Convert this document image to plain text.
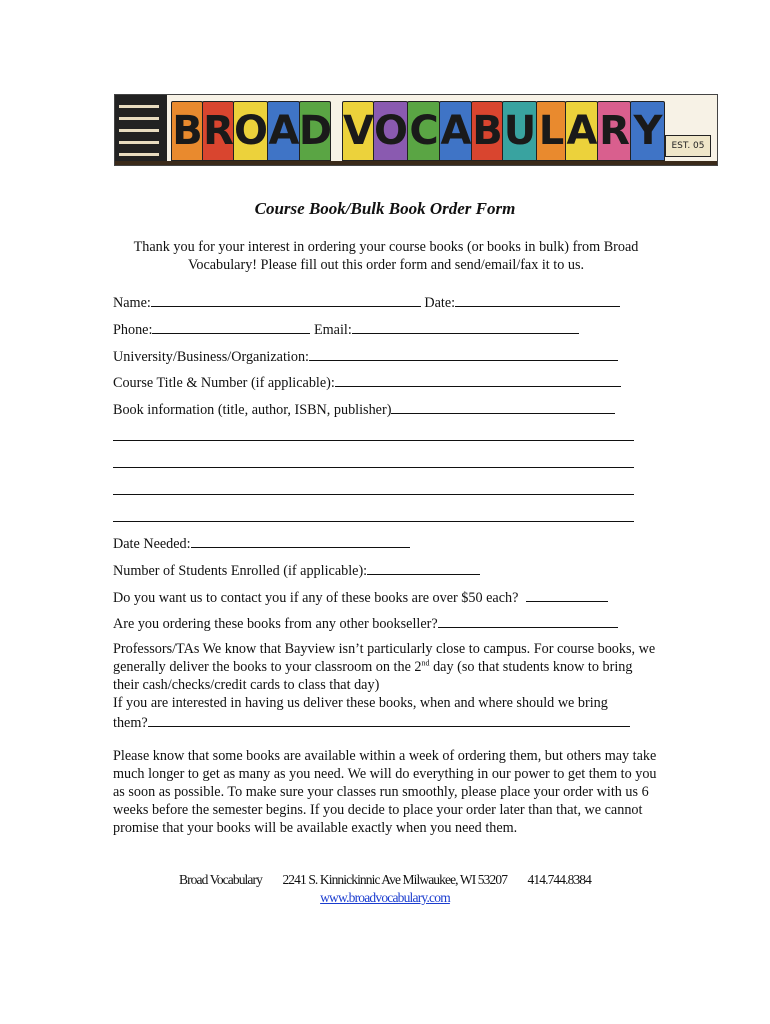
B R O A D V O C A B U L A R Y	EST. 05
Course Book/Bulk Book Order Form
Thank you for your interest in ordering your course books (or books in bulk) from Broad Vocabulary! Please fill out this order form and send/email/fax it to us.
Name:	Date:
Phone:	Email:
University/Business/Organization:
Course Title & Number (if applicable):
Book information (title, author, ISBN, publisher)
Date Needed:
Number of Students Enrolled (if applicable):
Do you want us to contact you if any of these books are over $50 each?
Are you ordering these books from any other bookseller?
Professors/TAs We know that Bayview isn’t particularly close to campus. For course books, we generally deliver the books to your classroom on the 2nd day (so that students know to bring their cash/checks/credit cards to class that day)
If you are interested in having us deliver these books, when and where should we bring
them?
Please know that some books are available within a week of ordering them, but others may take much longer to get as many as you need. We will do everything in our power to get them to you as soon as possible. To make sure your classes run smoothly, please place your order with us 6 weeks before the semester begins. If you decide to place your order later than that, we cannot promise that your books will be available exactly when you need them.
Broad Vocabulary 2241 S. Kinnickinnic Ave Milwaukee, WI 53207 414.744.8384
www.broadvocabulary.com
